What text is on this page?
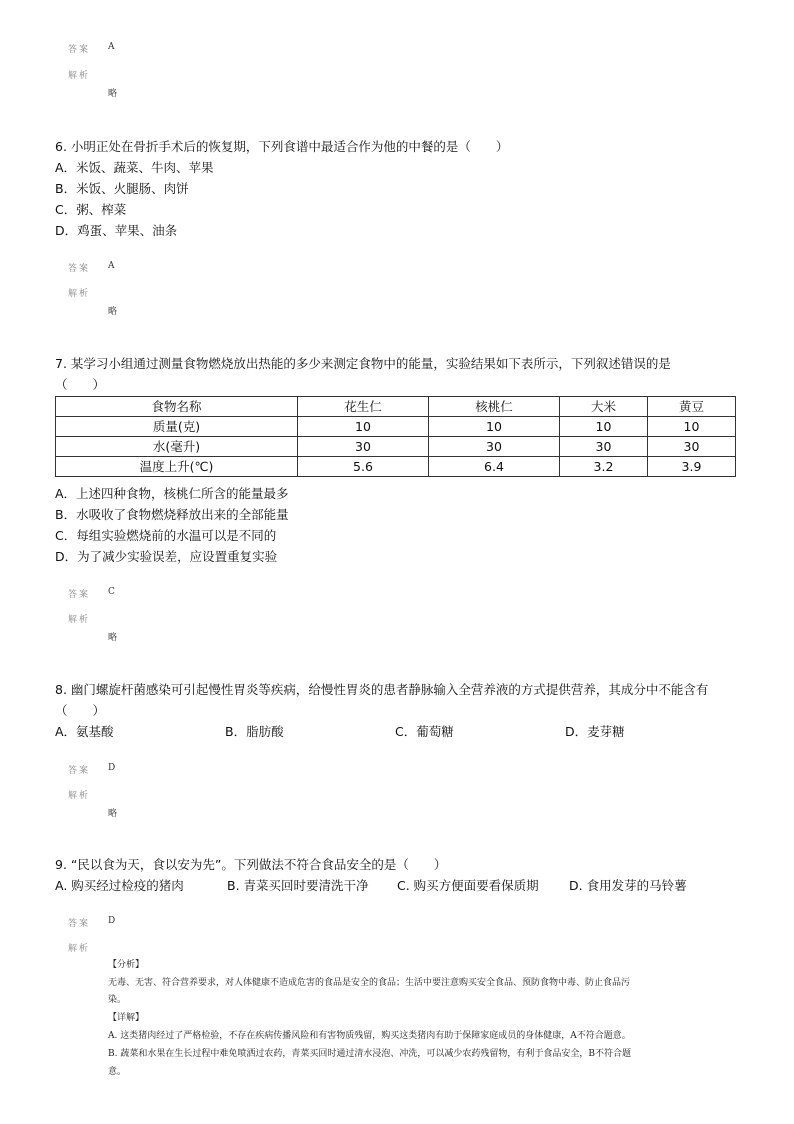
答案 A
解析
略
6. 小明正处在骨折手术后的恢复期，下列食谱中最适合作为他的中餐的是（　　）
A．米饭、蔬菜、牛肉、苹果
B．米饭、火腿肠、肉饼
C．粥、榨菜
D．鸡蛋、苹果、油条
答案 A
解析
略
7. 某学习小组通过测量食物燃烧放出热能的多少来测定食物中的能量，实验结果如下表所示，下列叙述错误的是
（　　）
食物名称	花生仁	核桃仁	大米	黄豆
质量(克)	10	10	10	10
水(毫升)	30	30	30	30
温度上升(℃)	5.6	6.4	3.2	3.9
A．上述四种食物，核桃仁所含的能量最多
B．水吸收了食物燃烧释放出来的全部能量
C．每组实验燃烧前的水温可以是不同的
D．为了减少实验误差，应设置重复实验
答案 C
解析
略
8. 幽门螺旋杆菌感染可引起慢性胃炎等疾病，给慢性胃炎的患者静脉输入全营养液的方式提供营养，其成分中不能含有
（　　）
A．氨基酸	B．脂肪酸	C．葡萄糖	D．麦芽糖
答案 D
解析
略
9. “民以食为天，食以安为先”。下列做法不符合食品安全的是（　　）
A. 购买经过检疫的猪肉	B. 青菜买回时要清洗干净 C. 购买方便面要看保质期 D. 食用发芽的马铃薯
答案 D
解析
【分析】
无毒、无害、符合营养要求，对人体健康不造成危害的食品是安全的食品；生活中要注意购买安全食品、预防食物中毒、防止食品污
染。
【详解】
A. 这类猪肉经过了严格检验，不存在疾病传播风险和有害物质残留，购买这类猪肉有助于保障家庭成员的身体健康，A不符合题意。
B. 蔬菜和水果在生长过程中难免喷洒过农药，青菜买回时通过清水浸泡、冲洗，可以减少农药残留物，有利于食品安全，B不符合题
意。
